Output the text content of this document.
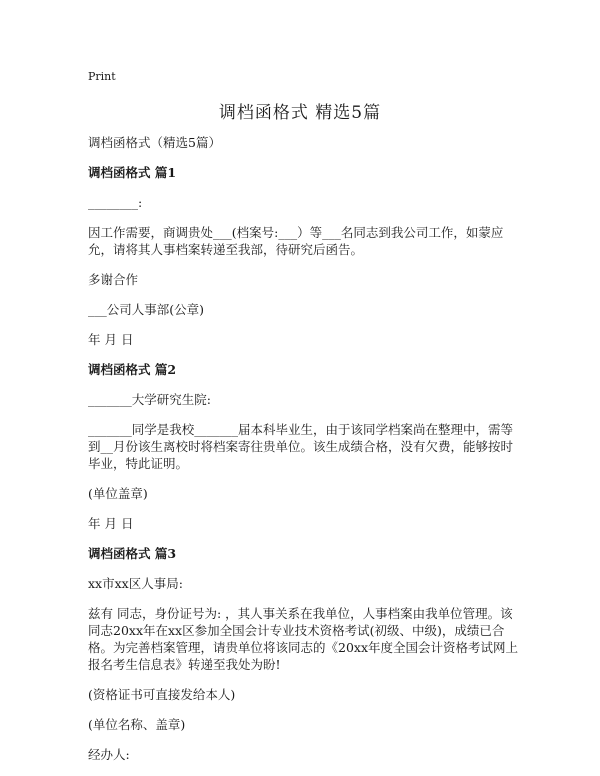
Print
调档函格式 精选5篇

调档函格式（精选5篇）

调档函格式 篇1

________:

因工作需要，商调贵处___(档案号:___）等___名同志到我公司工作，如蒙应允，请将其人事档案转递至我部，待研究后函告。

多谢合作

___公司人事部(公章)

年 月 日

调档函格式 篇2

_______大学研究生院:

_______同学是我校_______届本科毕业生，由于该同学档案尚在整理中，需等到__月份该生离校时将档案寄往贵单位。该生成绩合格，没有欠费，能够按时毕业，特此证明。

(单位盖章)

年 月 日

调档函格式 篇3

xx市xx区人事局:

兹有 同志，身份证号为: ，其人事关系在我单位，人事档案由我单位管理。该同志20xx年在xx区参加全国会计专业技术资格考试(初级、中级)，成绩已合格。为完善档案管理，请贵单位将该同志的《20xx年度全国会计资格考试网上报名考生信息表》转递至我处为盼!

(资格证书可直接发给本人)

(单位名称、盖章)

经办人:
